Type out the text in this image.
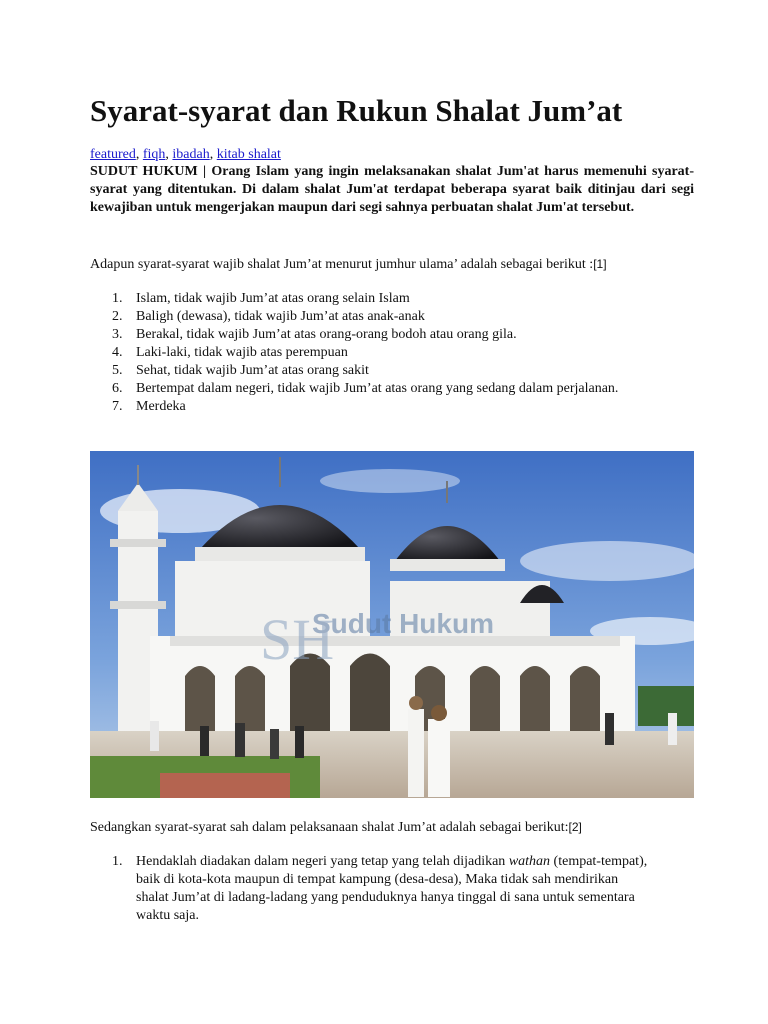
Syarat-syarat dan Rukun Shalat Jum’at
featured, fiqh, ibadah, kitab shalat

SUDUT HUKUM | Orang Islam yang ingin melaksanakan shalat Jum'at harus memenuhi syarat-syarat yang ditentukan. Di dalam shalat Jum'at terdapat beberapa syarat baik ditinjau dari segi kewajiban untuk mengerjakan maupun dari segi sahnya perbuatan shalat Jum'at tersebut.

Adapun syarat-syarat wajib shalat Jum’at menurut jumhur ulama’ adalah sebagai berikut :[1]

1. Islam, tidak wajib Jum’at atas orang selain Islam
2. Baligh (dewasa), tidak wajib Jum’at atas anak-anak
3. Berakal, tidak wajib Jum’at atas orang-orang bodoh atau orang gila.
4. Laki-laki, tidak wajib atas perempuan
5. Sehat, tidak wajib Jum’at atas orang sakit
6. Bertempat dalam negeri, tidak wajib Jum’at atas orang yang sedang dalam perjalanan.
7. Merdeka
SH
Sudut Hukum

Sedangkan syarat-syarat sah dalam pelaksanaan shalat Jum’at adalah sebagai berikut:[2]

1. Hendaklah diadakan dalam negeri yang tetap yang telah dijadikan wathan (tempat-tempat), baik di kota-kota maupun di tempat kampung (desa-desa), Maka tidak sah mendirikan shalat Jum’at di ladang-ladang yang penduduknya hanya tinggal di sana untuk sementara waktu saja.
